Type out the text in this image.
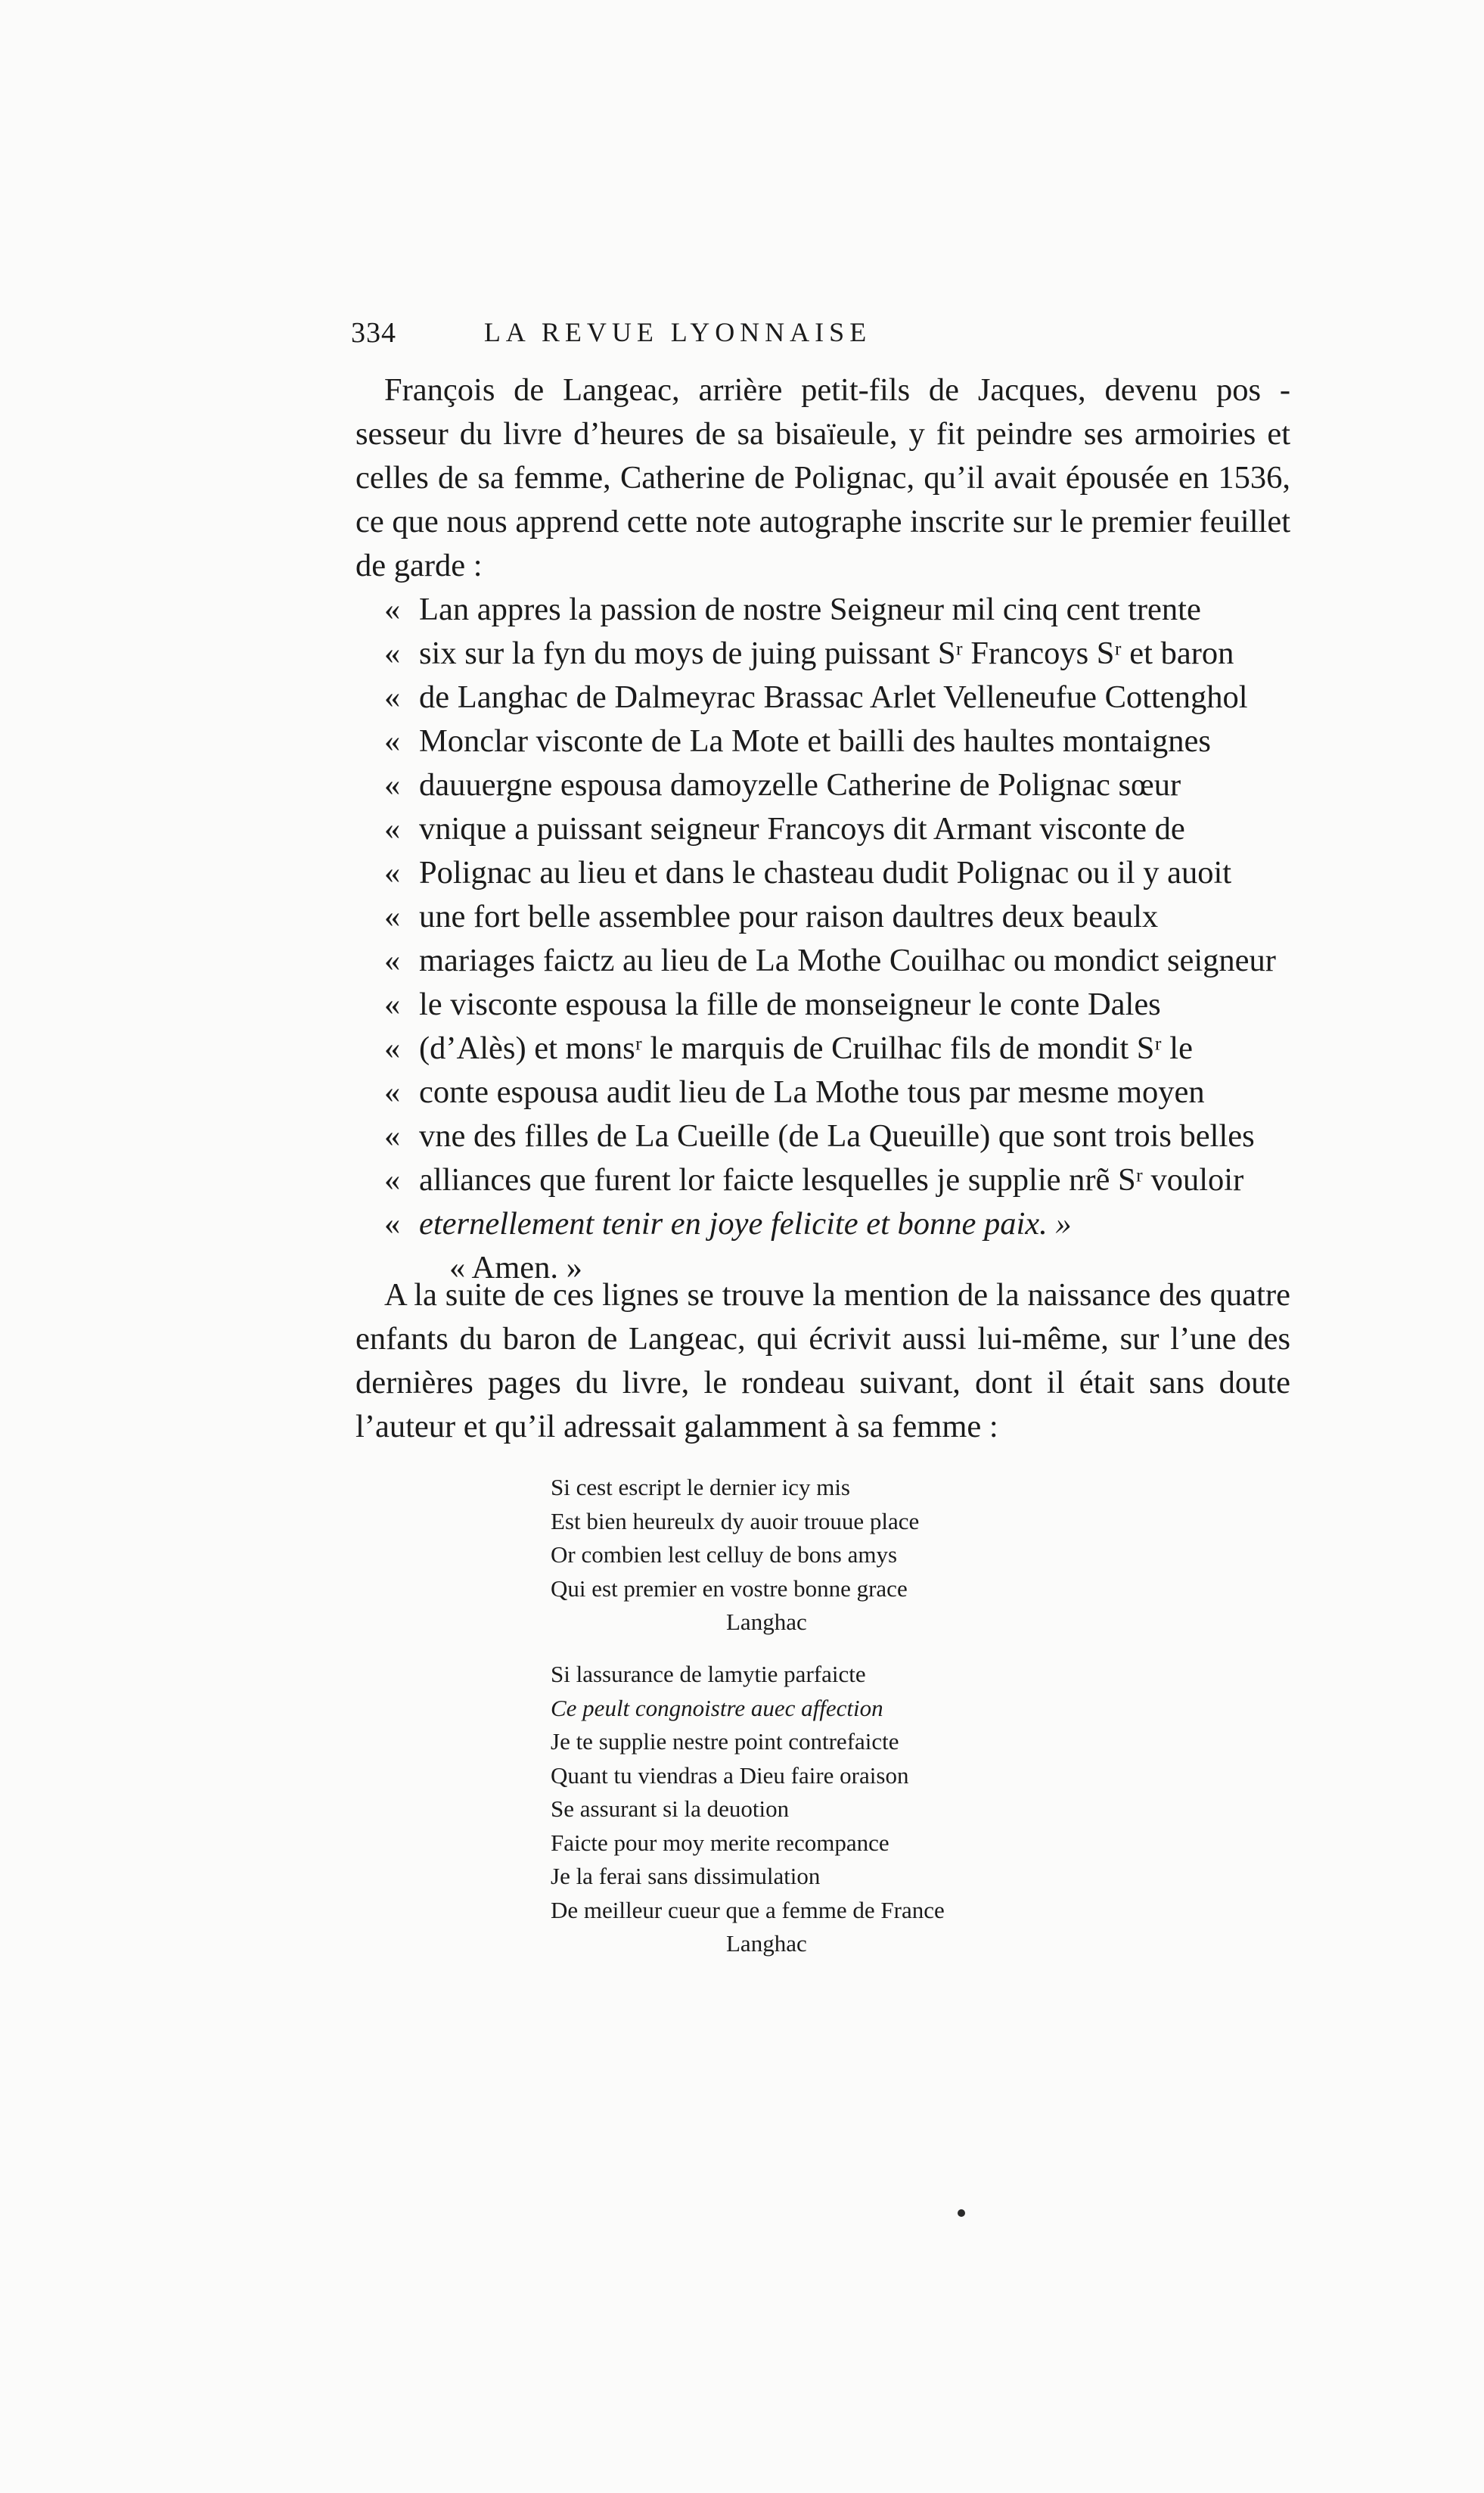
334	LA REVUE LYONNAISE

François de Langeac, arrière petit-fils de Jacques, devenu pos - sesseur du livre d’heures de sa bisaïeule, y fit peindre ses armoiries et celles de sa femme, Catherine de Polignac, qu’il avait épousée en 1536, ce que nous apprend cette note autographe inscrite sur le premier feuillet de garde :

«Lan appres la passion de nostre Seigneur mil cinq cent trente
«six sur la fyn du moys de juing puissant Sʳ Francoys Sʳ et baron
«de Langhac de Dalmeyrac Brassac Arlet Velleneufue Cottenghol
«Monclar visconte de La Mote et bailli des haultes montaignes
«dauuergne espousa damoyzelle Catherine de Polignac sœur
«vnique a puissant seigneur Francoys dit Armant visconte de
«Polignac au lieu et dans le chasteau dudit Polignac ou il y auoit
«une fort belle assemblee pour raison daultres deux beaulx
«mariages faictz au lieu de La Mothe Couilhac ou mondict seigneur
«le visconte espousa la fille de monseigneur le conte Dales
«(d’Alès) et monsʳ le marquis de Cruilhac fils de mondit Sʳ le
«conte espousa audit lieu de La Mothe tous par mesme moyen
«vne des filles de La Cueille (de La Queuille) que sont trois belles
«alliances que furent lor faicte lesquelles je supplie nrẽ Sʳ vouloir
«eternellement tenir en joye felicite et bonne paix. »
« Amen. »

A la suite de ces lignes se trouve la mention de la naissance des quatre enfants du baron de Langeac, qui écrivit aussi lui-même, sur l’une des dernières pages du livre, le rondeau suivant, dont il était sans doute l’auteur et qu’il adressait galamment à sa femme :

Si cest escript le dernier icy mis
Est bien heureulx dy auoir trouue place
Or combien lest celluy de bons amys
Qui est premier en vostre bonne grace
Langhac
Si lassurance de lamytie parfaicte
Ce peult congnoistre auec affection
Je te supplie nestre point contrefaicte
Quant tu viendras a Dieu faire oraison
Se assurant si la deuotion
Faicte pour moy merite recompance
Je la ferai sans dissimulation
De meilleur cueur que a femme de France
Langhac
